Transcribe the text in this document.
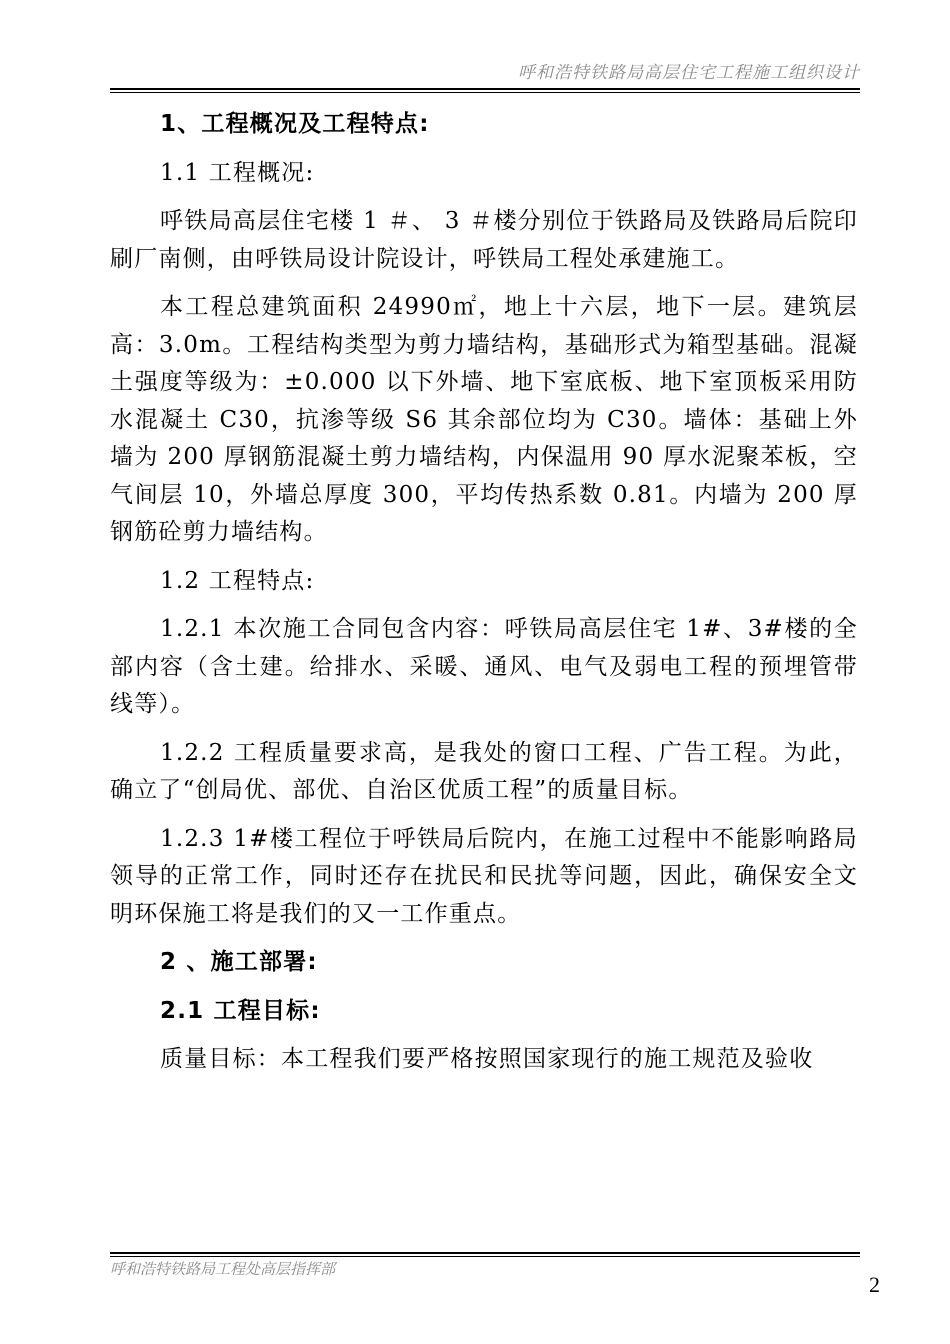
呼和浩特铁路局高层住宅工程施工组织设计

1、工程概况及工程特点:

1.1 工程概况:

呼铁局高层住宅楼 1 ＃、 3 ＃楼分别位于铁路局及铁路局后院印刷厂南侧，由呼铁局设计院设计，呼铁局工程处承建施工。

本工程总建筑面积 24990㎡，地上十六层，地下一层。建筑层高：3.0m。工程结构类型为剪力墙结构，基础形式为箱型基础。混凝土强度等级为：±0.000 以下外墙、地下室底板、地下室顶板采用防水混凝土 C30，抗渗等级 S6 其余部位均为 C30。墙体：基础上外墙为 200 厚钢筋混凝土剪力墙结构，内保温用 90 厚水泥聚苯板，空气间层 10，外墙总厚度 300，平均传热系数 0.81。内墙为 200 厚钢筋砼剪力墙结构。

1.2 工程特点:

1.2.1 本次施工合同包含内容：呼铁局高层住宅 1#、3#楼的全部内容（含土建。给排水、采暖、通风、电气及弱电工程的预埋管带线等）。

1.2.2 工程质量要求高，是我处的窗口工程、广告工程。为此，确立了“创局优、部优、自治区优质工程”的质量目标。

1.2.3 1#楼工程位于呼铁局后院内，在施工过程中不能影响路局领导的正常工作，同时还存在扰民和民扰等问题，因此，确保安全文明环保施工将是我们的又一工作重点。

2 、施工部署:

2.1 工程目标:

质量目标：本工程我们要严格按照国家现行的施工规范及验收

呼和浩特铁路局工程处高层指挥部
2
